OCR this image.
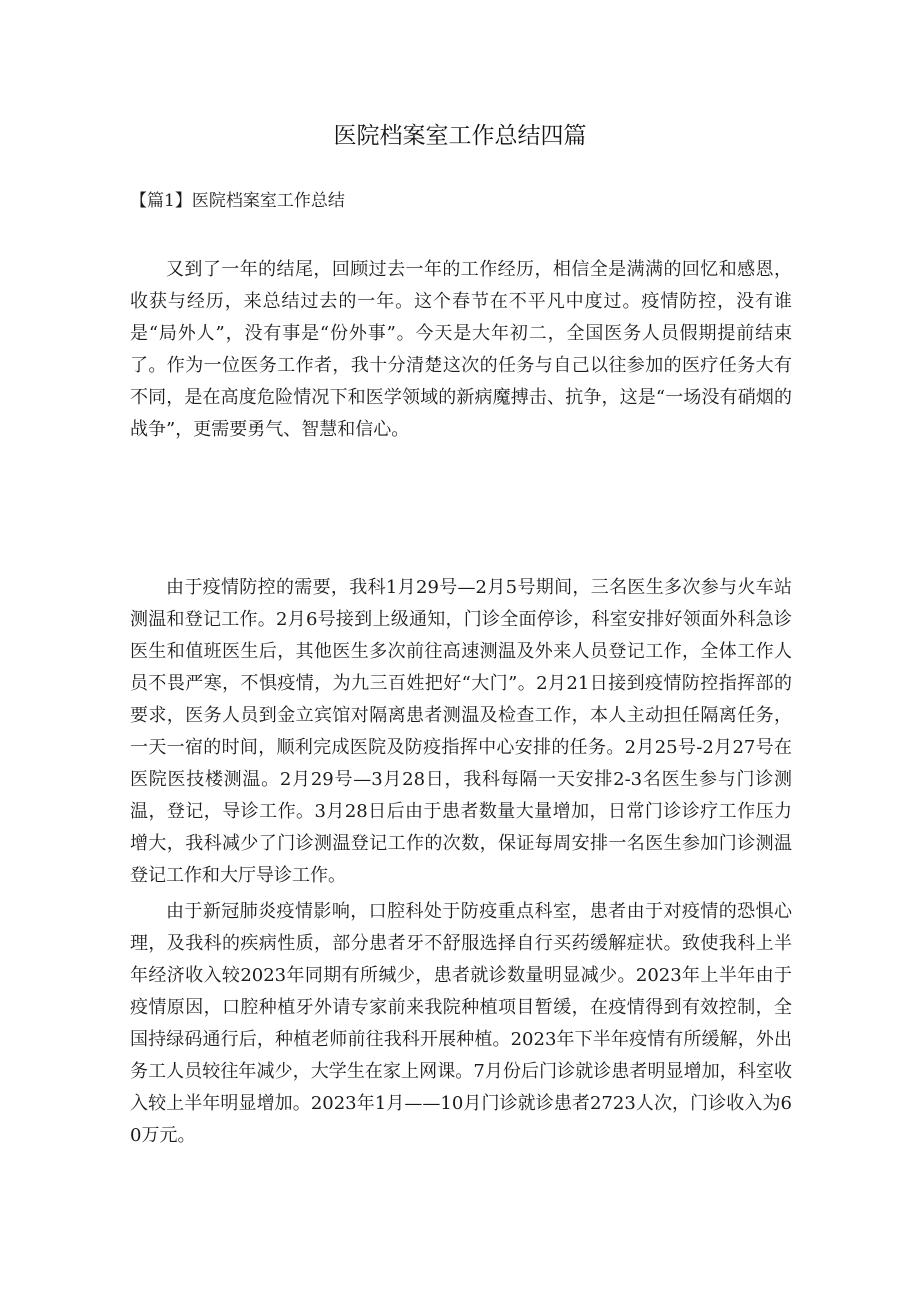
医院档案室工作总结四篇
【篇1】医院档案室工作总结

又到了一年的结尾，回顾过去一年的工作经历，相信全是满满的回忆和感恩，收获与经历，来总结过去的一年。这个春节在不平凡中度过。疫情防控，没有谁是“局外人”，没有事是“份外事”。今天是大年初二，全国医务人员假期提前结束了。作为一位医务工作者，我十分清楚这次的任务与自己以往参加的医疗任务大有不同，是在高度危险情况下和医学领域的新病魔搏击、抗争，这是“一场没有硝烟的战争”，更需要勇气、智慧和信心。

由于疫情防控的需要，我科1月29号—2月5号期间，三名医生多次参与火车站测温和登记工作。2月6号接到上级通知，门诊全面停诊，科室安排好领面外科急诊医生和值班医生后，其他医生多次前往高速测温及外来人员登记工作，全体工作人员不畏严寒，不惧疫情，为九三百姓把好“大门”。2月21日接到疫情防控指挥部的要求，医务人员到金立宾馆对隔离患者测温及检查工作，本人主动担任隔离任务，一天一宿的时间，顺利完成医院及防疫指挥中心安排的任务。2月25号-2月27号在医院医技楼测温。2月29号—3月28日，我科每隔一天安排2-3名医生参与门诊测温，登记，导诊工作。3月28日后由于患者数量大量增加，日常门诊诊疗工作压力增大，我科减少了门诊测温登记工作的次数，保证每周安排一名医生参加门诊测温登记工作和大厅导诊工作。

由于新冠肺炎疫情影响，口腔科处于防疫重点科室，患者由于对疫情的恐惧心理，及我科的疾病性质，部分患者牙不舒服选择自行买药缓解症状。致使我科上半年经济收入较2023年同期有所缄少，患者就诊数量明显减少。2023年上半年由于疫情原因，口腔种植牙外请专家前来我院种植项目暂缓，在疫情得到有效控制，全国持绿码通行后，种植老师前往我科开展种植。2023年下半年疫情有所缓解，外出务工人员较往年减少，大学生在家上网课。7月份后门诊就诊患者明显增加，科室收入较上半年明显增加。2023年1月——10月门诊就诊患者2723人次，门诊收入为60万元。
